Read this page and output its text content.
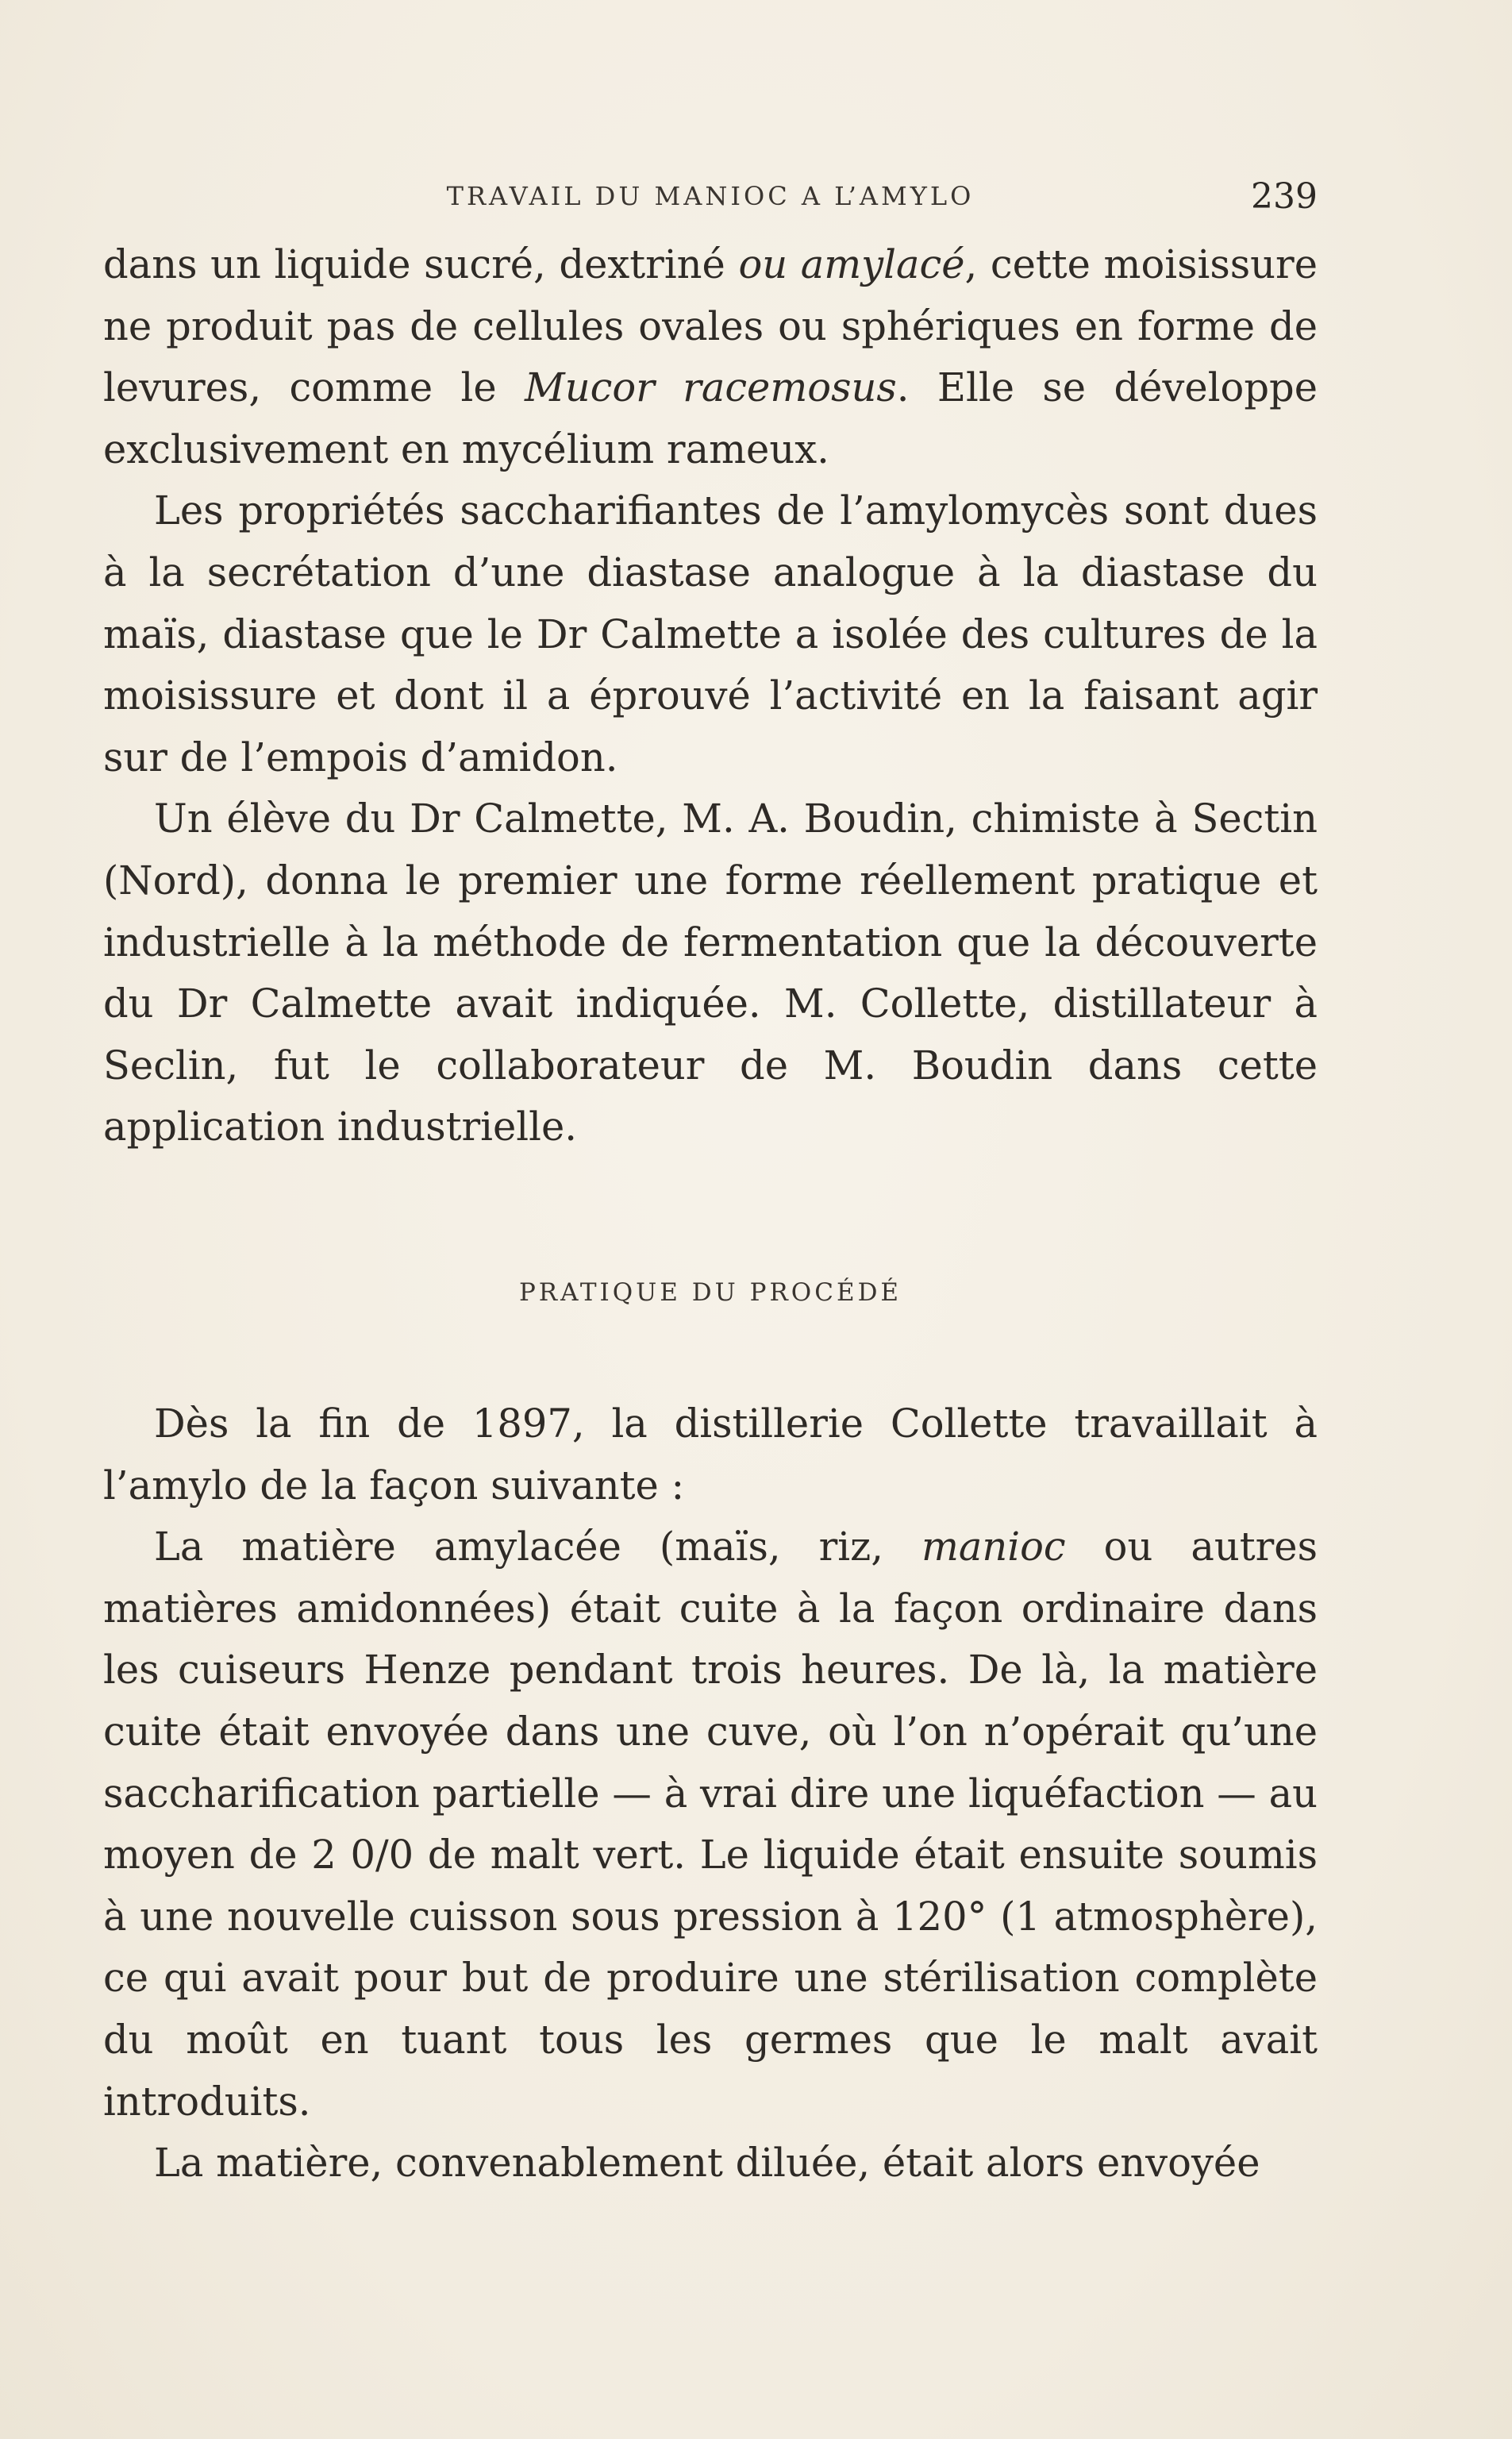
TRAVAIL DU MANIOC A L’AMYLO	239

dans un liquide sucré, dextriné ou amylacé, cette moisissure ne produit pas de cellules ovales ou sphériques en forme de levures, comme le Mucor racemosus. Elle se développe exclusivement en mycélium rameux.

Les propriétés saccharifiantes de l’amylomycès sont dues à la secrétation d’une diastase analogue à la diastase du maïs, diastase que le Dr Calmette a isolée des cultures de la moisissure et dont il a éprouvé l’activité en la faisant agir sur de l’empois d’amidon.

Un élève du Dr Calmette, M. A. Boudin, chimiste à Sectin (Nord), donna le premier une forme réellement pratique et industrielle à la méthode de fermentation que la découverte du Dr Calmette avait indiquée. M. Collette, distillateur à Seclin, fut le collaborateur de M. Boudin dans cette application industrielle.

PRATIQUE DU PROCÉDÉ

Dès la fin de 1897, la distillerie Collette travaillait à l’amylo de la façon suivante :

La matière amylacée (maïs, riz, manioc ou autres matières amidonnées) était cuite à la façon ordinaire dans les cuiseurs Henze pendant trois heures. De là, la matière cuite était envoyée dans une cuve, où l’on n’opérait qu’une saccharification partielle — à vrai dire une liquéfaction — au moyen de 2 0/0 de malt vert. Le liquide était ensuite soumis à une nouvelle cuisson sous pression à 120° (1 atmosphère), ce qui avait pour but de produire une stérilisation complète du moût en tuant tous les germes que le malt avait introduits.

La matière, convenablement diluée, était alors envoyée
